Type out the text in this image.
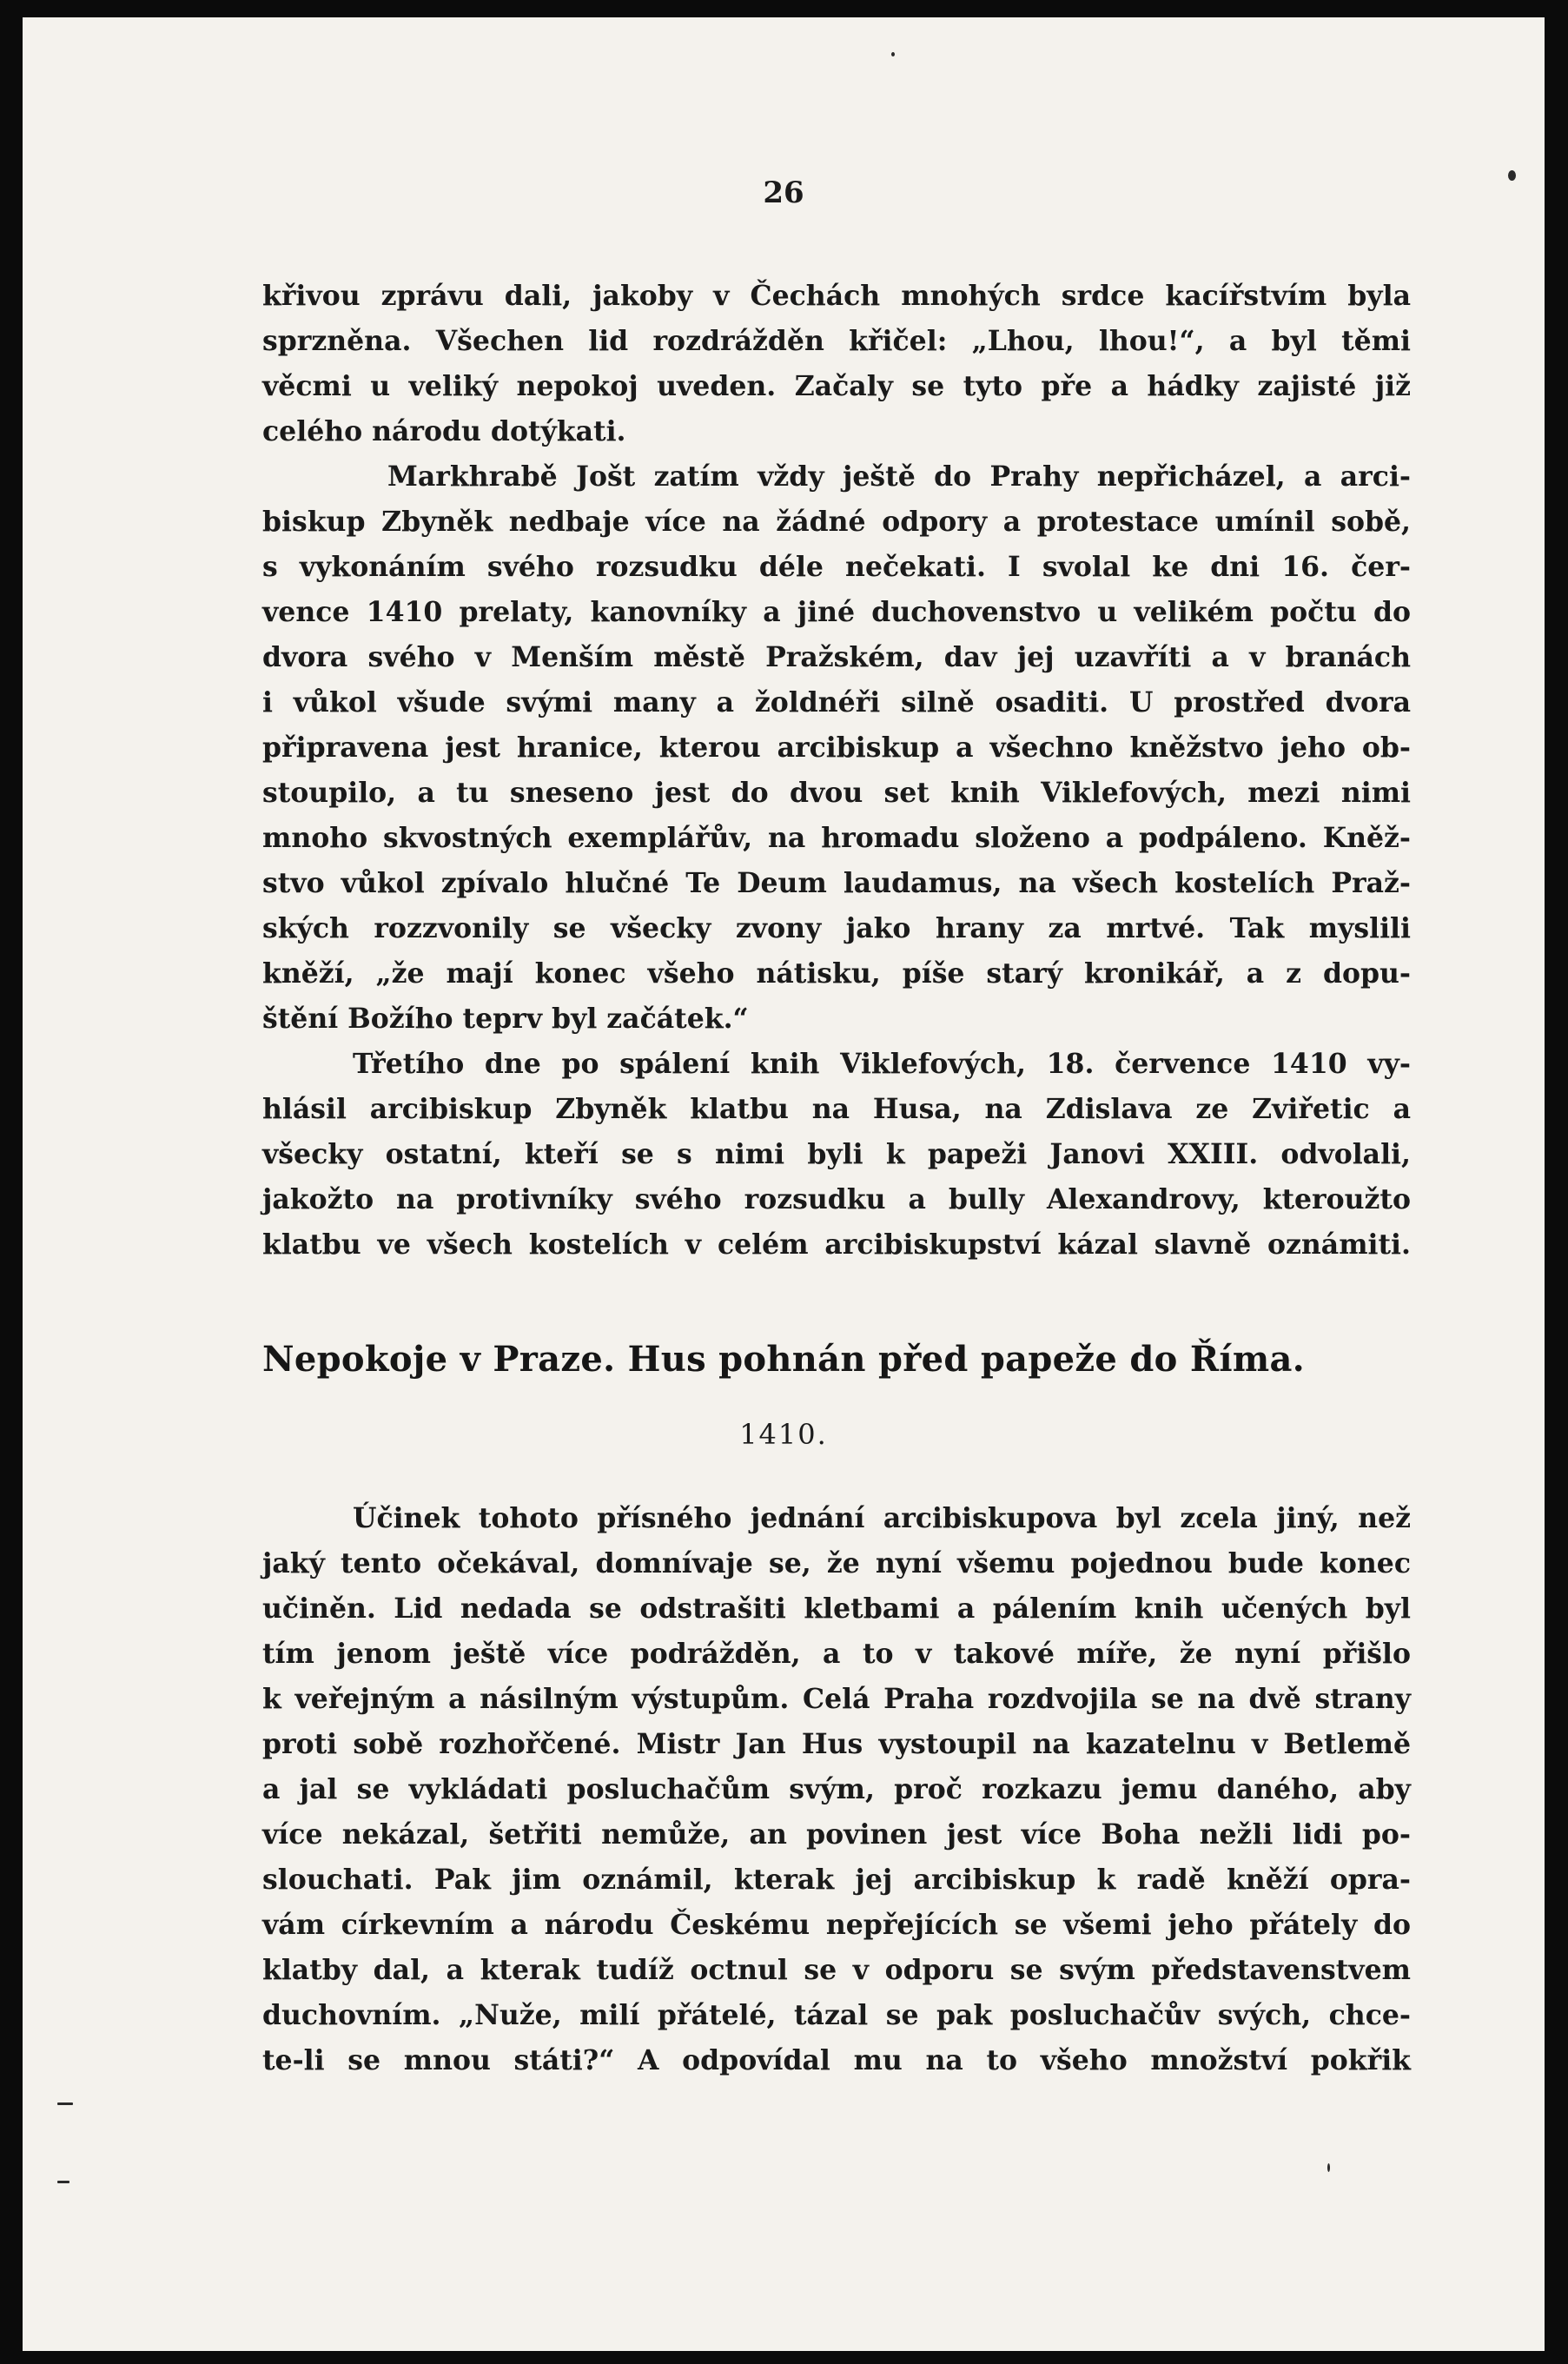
26
křivou zprávu dali, jakoby v Čechách mnohých srdce kacířstvím byla
sprzněna. Všechen lid rozdrážděn křičel: „Lhou, lhou!“, a byl těmi
věcmi u veliký nepokoj uveden. Začaly se tyto pře a hádky zajisté již
celého národu dotýkati.
Markhrabě Jošt zatím vždy ještě do Prahy nepřicházel, a arci-
biskup Zbyněk nedbaje více na žádné odpory a protestace umínil sobě,
s vykonáním svého rozsudku déle nečekati. I svolal ke dni 16. čer-
vence 1410 prelaty, kanovníky a jiné duchovenstvo u velikém počtu do
dvora svého v Menším městě Pražském, dav jej uzavříti a v branách
i vůkol všude svými many a žoldnéři silně osaditi. U prostřed dvora
připravena jest hranice, kterou arcibiskup a všechno kněžstvo jeho ob-
stoupilo, a tu sneseno jest do dvou set knih Viklefových, mezi nimi
mnoho skvostných exemplářův, na hromadu složeno a podpáleno. Kněž-
stvo vůkol zpívalo hlučné Te Deum laudamus, na všech kostelích Praž-
ských rozzvonily se všecky zvony jako hrany za mrtvé. Tak myslili
kněží, „že mají konec všeho nátisku, píše starý kronikář, a z dopu-
štění Božího teprv byl začátek.“
Třetího dne po spálení knih Viklefových, 18. července 1410 vy-
hlásil arcibiskup Zbyněk klatbu na Husa, na Zdislava ze Zviřetic a
všecky ostatní, kteří se s nimi byli k papeži Janovi XXIII. odvolali,
jakožto na protivníky svého rozsudku a bully Alexandrovy, kteroužto
klatbu ve všech kostelích v celém arcibiskupství kázal slavně oznámiti.
Nepokoje v Praze. Hus pohnán před papeže do Říma.
1410.
Účinek tohoto přísného jednání arcibiskupova byl zcela jiný, než
jaký tento očekával, domnívaje se, že nyní všemu pojednou bude konec
učiněn. Lid nedada se odstrašiti kletbami a pálením knih učených byl
tím jenom ještě více podrážděn, a to v takové míře, že nyní přišlo
k veřejným a násilným výstupům. Celá Praha rozdvojila se na dvě strany
proti sobě rozhořčené. Mistr Jan Hus vystoupil na kazatelnu v Betlemě
a jal se vykládati posluchačům svým, proč rozkazu jemu daného, aby
více nekázal, šetřiti nemůže, an povinen jest více Boha nežli lidi po-
slouchati. Pak jim oznámil, kterak jej arcibiskup k radě kněží opra-
vám církevním a národu Českému nepřejících se všemi jeho přátely do
klatby dal, a kterak tudíž octnul se v odporu se svým představenstvem
duchovním. „Nuže, milí přátelé, tázal se pak posluchačův svých, chce-
te-li se mnou státi?“ A odpovídal mu na to všeho množství pokřik
